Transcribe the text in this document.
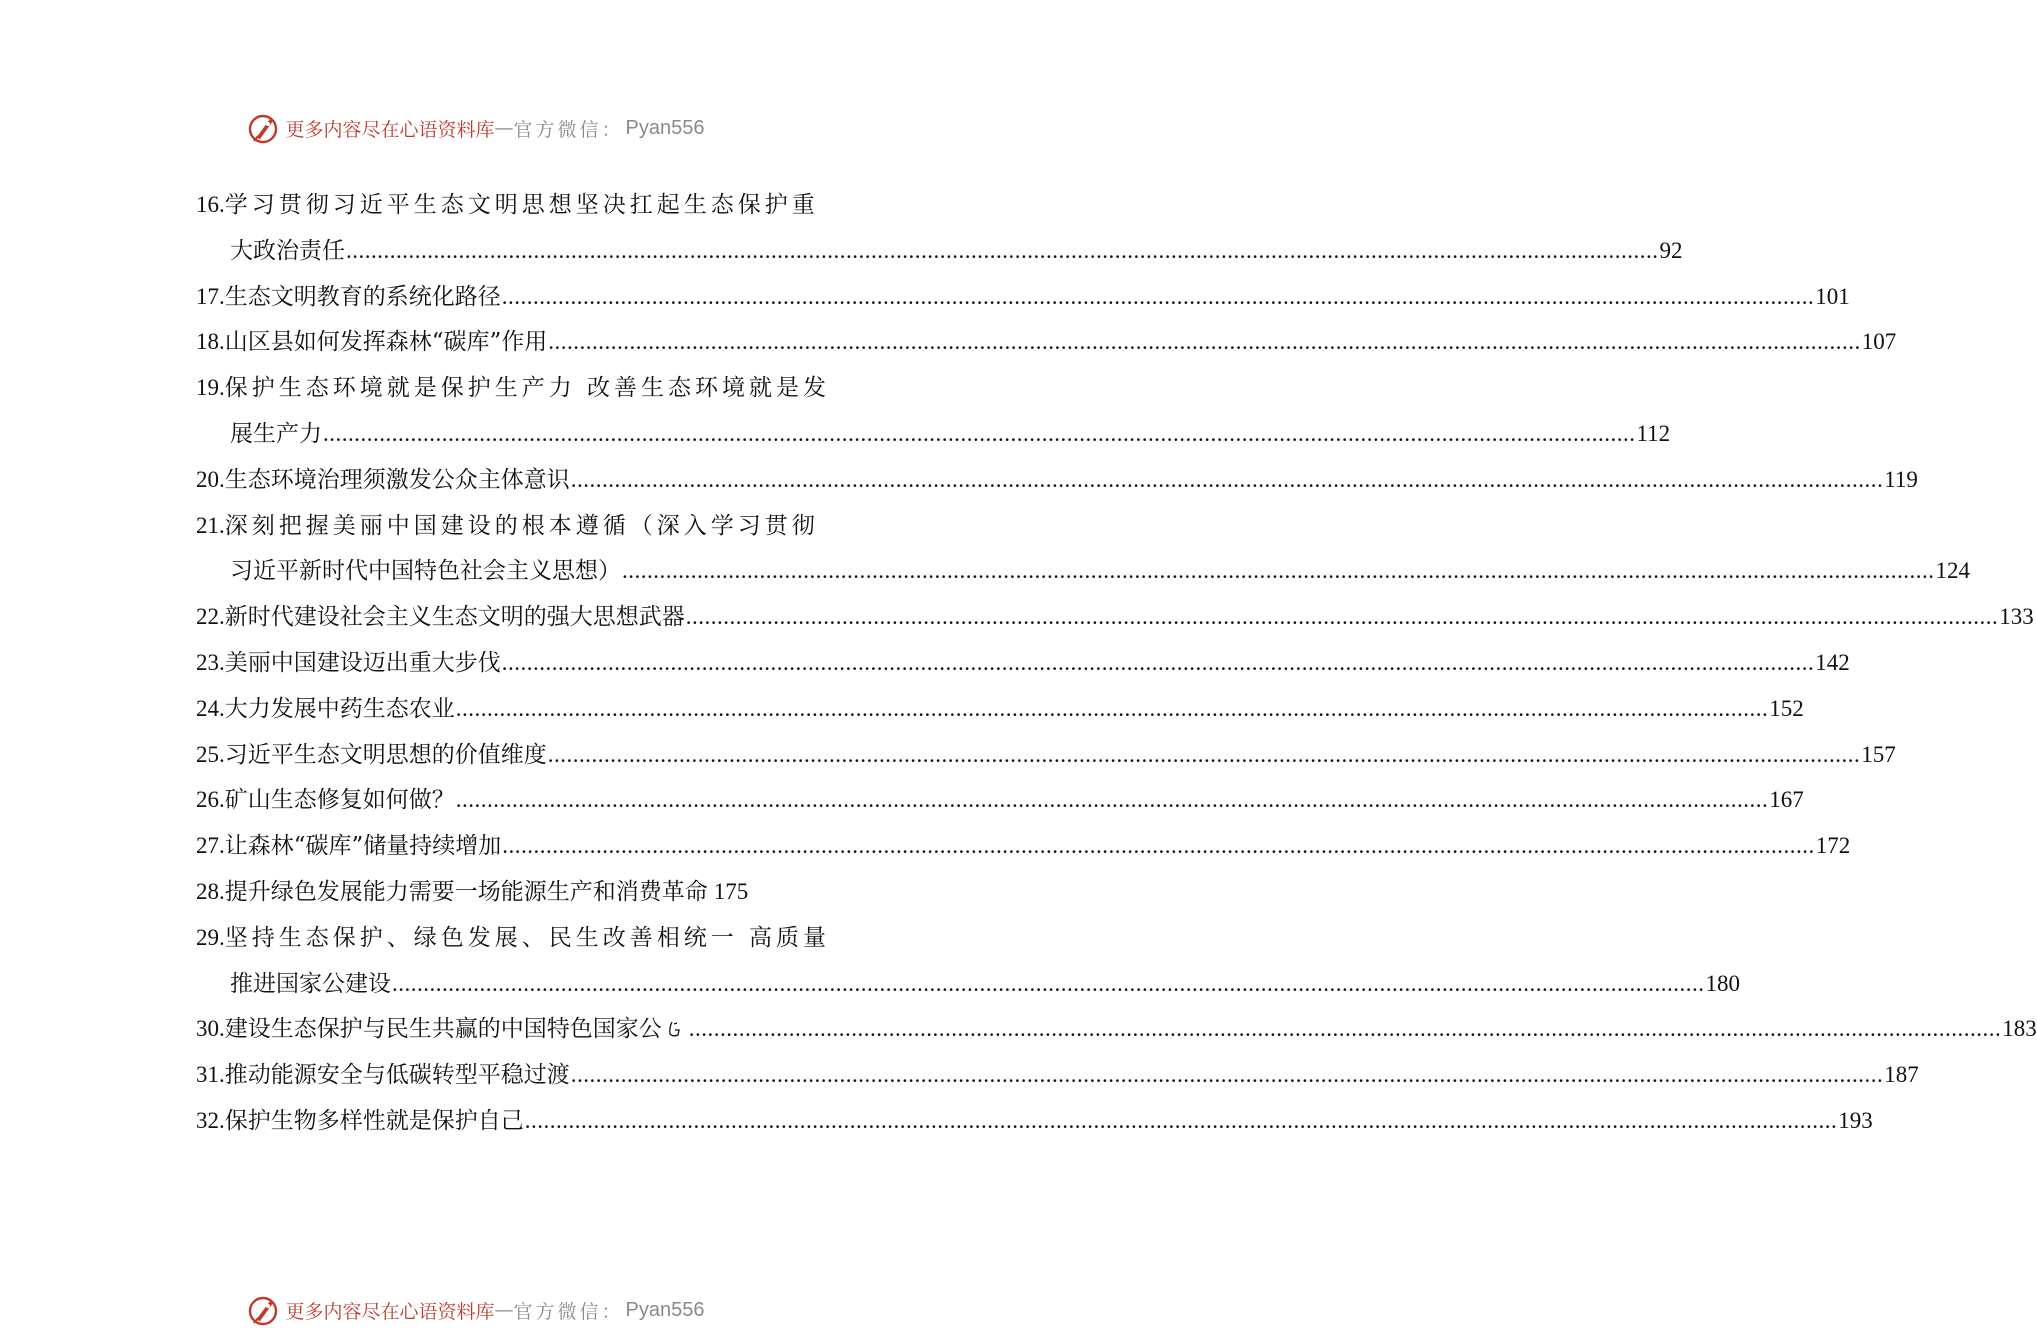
更多内容尽在心语资料库 — 官方微信： Pyan556
16. 学习贯彻习近平生态文明思想坚决扛起生态保护重
大政治责任 .....	92
17. 生态文明教育的系统化路径 .....	101
18. 山区县如何发挥森林“碳库”作用 .....	107
19. 保护生态环境就是保护生产力 改善生态环境就是发
展生产力 .....	112
20. 生态环境治理须激发公众主体意识 .....	119
21. 深刻把握美丽中国建设的根本遵循（深入学习贯彻
习近平新时代中国特色社会主义思想） .....	124
22. 新时代建设社会主义生态文明的强大思想武器 .....	133
23. 美丽中国建设迈出重大步伐 .....	142
24. 大力发展中药生态农业 .....	152
25. 习近平生态文明思想的价值维度 .....	157
26. 矿山生态修复如何做？ .....	167
27. 让森林“碳库”储量持续增加 .....	172
28. 提升绿色发展能力需要一场能源生产和消费革命 175
29. 坚持生态保护、绿色发展、民生改善相统一 高质量
推进国家公建设 .....	180
30. 建设生态保护与民生共赢的中国特色国家公 .....	183
31. 推动能源安全与低碳转型平稳过渡 .....	187
32. 保护生物多样性就是保护自己 .....	193
更多内容尽在心语资料库 — 官方微信： Pyan556
